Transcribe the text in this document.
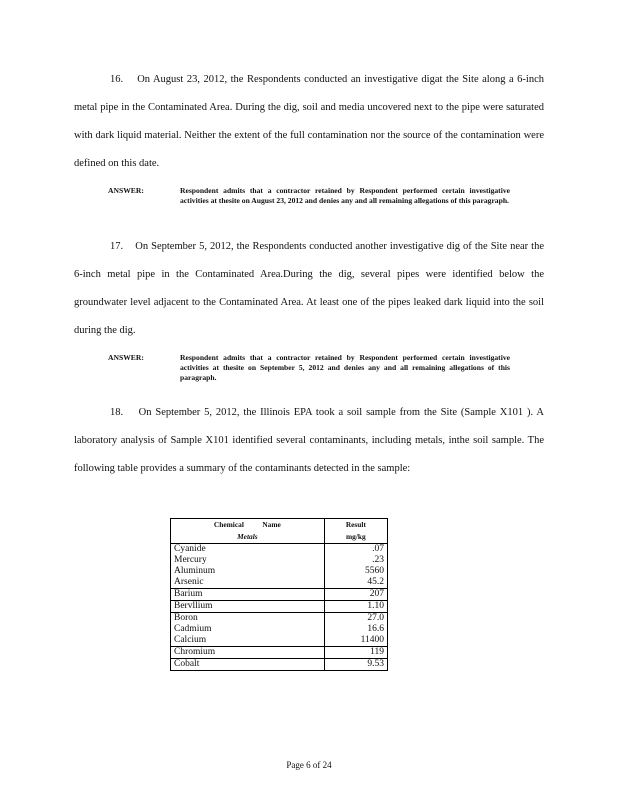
16.    On August 23, 2012, the Respondents conducted an investigative digat the Site along a 6-inch metal pipe in the Contaminated Area. During the dig, soil and media uncovered next to the pipe were saturated with dark liquid material. Neither the extent of the full contamination nor the source of the contamination were defined on this date.

ANSWER:	Respondent admits that a contractor retained by Respondent performed certain investigative activities at thesite on August 23, 2012 and denies any and all remaining allegations of this paragraph.

17.    On September 5, 2012, the Respondents conducted another investigative dig of the Site near the 6-inch metal pipe in the Contaminated Area.During the dig, several pipes were identified below the groundwater level adjacent to the Contaminated Area. At least one of the pipes leaked dark liquid into the soil during the dig.

ANSWER:	Respondent admits that a contractor retained by Respondent performed certain investigative activities at thesite on September 5, 2012 and denies any and all remaining allegations of this paragraph.

18.    On September 5, 2012, the Illinois EPA took a soil sample from the Site (Sample X101 ). A laboratory analysis of Sample X101 identified several contaminants, including metals, inthe soil sample. The following table provides a summary of the contaminants detected in the sample:

Chemical          Name	Result
Metals	mg/kg
Cyanide	.07
Mercury	.23
Aluminum	5560
Arsenic	45.2
Barium	207
Bervllium	1.10
Boron	27.0
Cadmium	16.6
Calcium	11400
Chromium	119
Cobalt	9.53
Page 6 of 24
